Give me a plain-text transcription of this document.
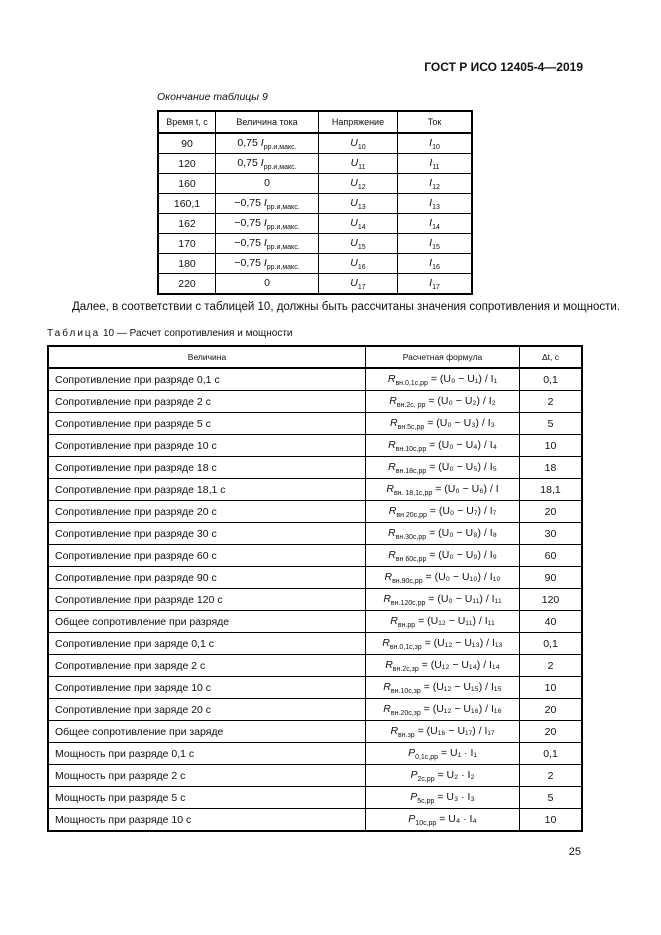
ГОСТ Р ИСО 12405-4—2019
Окончание таблицы 9
Время t, с	Величина тока	Напряжение	Ток
90	0,75 $I_{рр.и,макс.}$	$U_{10}$	$I_{10}$
120	0,75 $I_{рр.и,макс.}$	$U_{11}$	$I_{11}$
160	0	$U_{12}$	$I_{12}$
160,1	−0,75 $I_{рр.и,макс.}$	$U_{13}$	$I_{13}$
162	−0,75 $I_{рр.и,макс.}$	$U_{14}$	$I_{14}$
170	−0,75 $I_{рр.и,макс.}$	$U_{15}$	$I_{15}$
180	−0,75 $I_{рр.и,макс.}$	$U_{16}$	$I_{16}$
220	0	$U_{17}$	$I_{17}$
Далее, в соответствии с таблицей 10, должны быть рассчитаны значения сопротивления и мощности.
Таблица 10 — Расчет сопротивления и мощности
Величина	Расчетная формула	Δt, с
Сопротивление при разряде 0,1 с	$R_{вн.0,1с,рр} = (U_0 - U_1) / I_1$	0,1
Сопротивление при разряде 2 с	$R_{вн.2с, рр} = (U_0 - U_2) / I_2$	2
Сопротивление при разряде 5 с	$R_{вн.5с,рр} = (U_0 - U_3) / I_3$	5
Сопротивление при разряде 10 с	$R_{вн.10с,рр} = (U_0 - U_4) / I_4$	10
Сопротивление при разряде 18 с	$R_{вн.18с,рр} = (U_0 - U_5) / I_5$	18
Сопротивление при разряде 18,1 с	$R_{вн. 18,1с,рр} = (U_0 - U_6) / I$	18,1
Сопротивление при разряде 20 с	$R_{вн 20с,рр} = (U_0 - U_7) / I_7$	20
Сопротивление при разряде 30 с	$R_{вн.30с,рр} = (U_0 - U_8) / I_8$	30
Сопротивление при разряде 60 с	$R_{вн 60с,рр} = (U_0 - U_9) / I_9$	60
Сопротивление при разряде 90 с	$R_{вн.90с,рр} = (U_0 - U_{10}) / I_{10}$	90
Сопротивление при разряде 120 с	$R_{вн.120с,рр} = (U_0 - U_{11}) / I_{11}$	120
Общее сопротивление при разряде	$R_{вн.рр} = (U_{12} - U_{11}) / I_{11}$	40
Сопротивление при заряде 0,1 с	$R_{вн.0,1с,зр} = (U_{12} - U_{13}) / I_{13}$	0,1
Сопротивление при заряде 2 с	$R_{вн.2с,зр} = (U_{12} - U_{14}) / I_{14}$	2
Сопротивление при заряде 10 с	$R_{вн.10с,зр} = (U_{12} - U_{15}) / I_{15}$	10
Сопротивление при заряде 20 с	$R_{вн.20с,зр} = (U_{12} - U_{16}) / I_{16}$	20
Общее сопротивление при заряде	$R_{вн.зр} = (U_{16} - U_{17}) / I_{17}$	20
Мощность при разряде 0,1 с	$P_{0,1с,рр} = U_1 \cdot I_1$	0,1
Мощность при разряде 2 с	$P_{2с,рр} = U_2 \cdot I_2$	2
Мощность при разряде 5 с	$P_{5с,рр} = U_3 \cdot I_3$	5
Мощность при разряде 10 с	$P_{10с,рр} = U_4 \cdot I_4$	10
25
